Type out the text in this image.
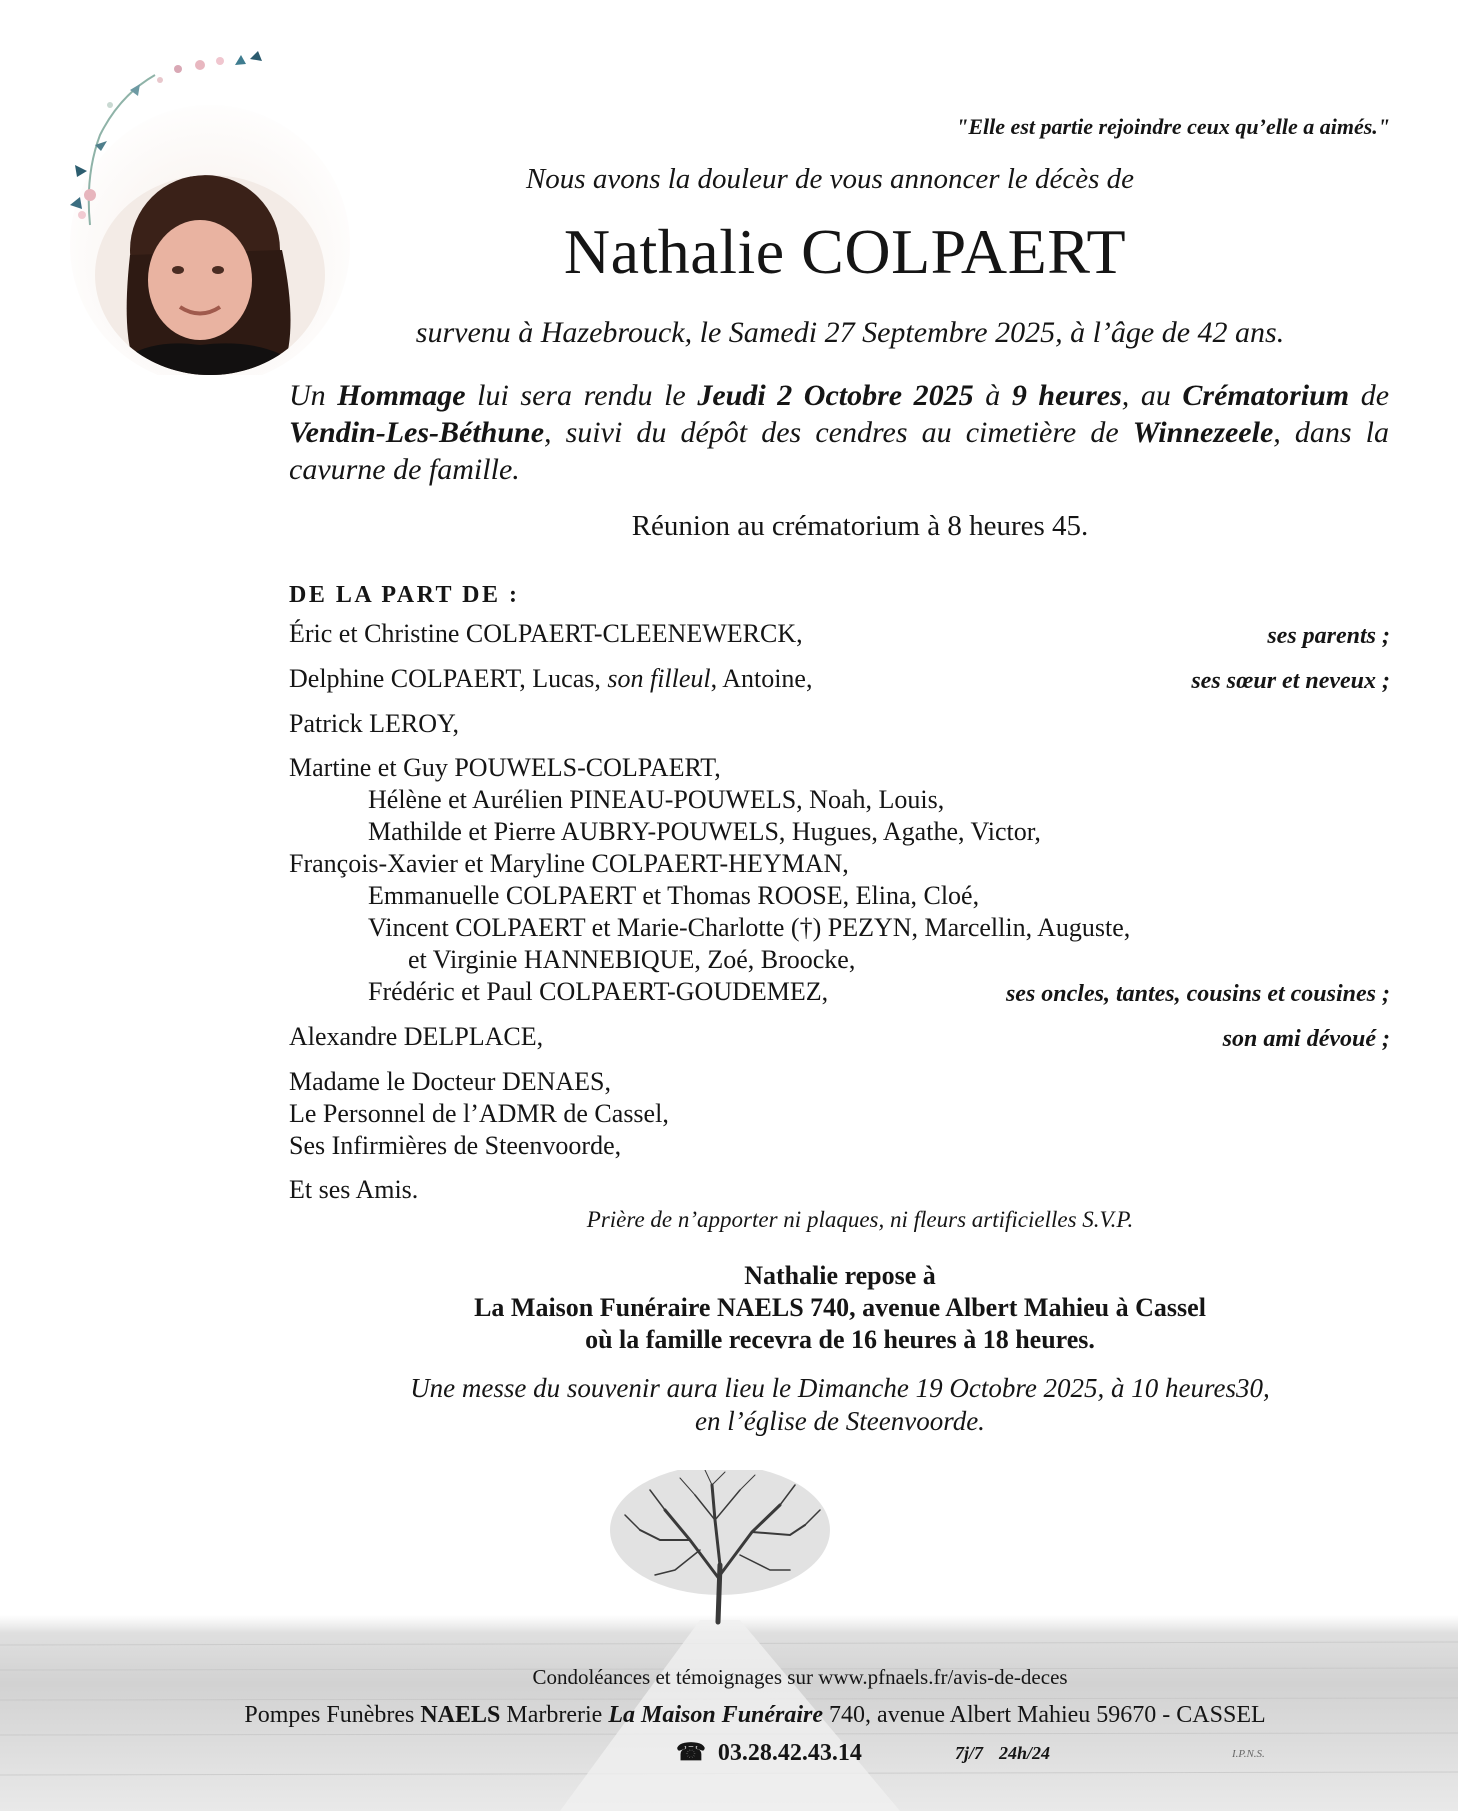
"Elle est partie rejoindre ceux qu’elle a aimés."
Nous avons la douleur de vous annoncer le décès de
Nathalie COLPAERT
survenu à Hazebrouck, le Samedi 27 Septembre 2025, à l’âge de 42 ans.
Un Hommage lui sera rendu le Jeudi 2 Octobre 2025 à 9 heures, au Crématorium de Vendin-Les-Béthune, suivi du dépôt des cendres au cimetière de Winnezeele, dans la cavurne de famille.
Réunion au crématorium à 8 heures 45.
DE LA PART DE :
Éric et Christine COLPAERT-CLEENEWERCK,	ses parents ;
Delphine COLPAERT, Lucas, son filleul, Antoine,	ses sœur et neveux ;
Patrick LEROY,
Martine et Guy POUWELS-COLPAERT,
Hélène et Aurélien PINEAU-POUWELS, Noah, Louis,
Mathilde et Pierre AUBRY-POUWELS, Hugues, Agathe, Victor,
François-Xavier et Maryline COLPAERT-HEYMAN,
Emmanuelle COLPAERT et Thomas ROOSE, Elina, Cloé,
Vincent COLPAERT et Marie-Charlotte (†) PEZYN, Marcellin, Auguste,
et Virginie HANNEBIQUE, Zoé, Broocke,
Frédéric et Paul COLPAERT-GOUDEMEZ,	ses oncles, tantes, cousins et cousines ;
Alexandre DELPLACE,	son ami dévoué ;
Madame le Docteur DENAES,
Le Personnel de l’ADMR de Cassel,
Ses Infirmières de Steenvoorde,
Et ses Amis.
Prière de n’apporter ni plaques, ni fleurs artificielles S.V.P.
Nathalie repose à
La Maison Funéraire NAELS 740, avenue Albert Mahieu à Cassel
où la famille recevra de 16 heures à 18 heures.
Une messe du souvenir aura lieu le Dimanche 19 Octobre 2025, à 10 heures30,
en l’église de Steenvoorde.
Condoléances et témoignages sur www.pfnaels.fr/avis-de-deces
Pompes Funèbres NAELS Marbrerie La Maison Funéraire 740, avenue Albert Mahieu 59670 - CASSEL
☎ 03.28.42.43.14	7j/7 24h/24	I.P.N.S.
